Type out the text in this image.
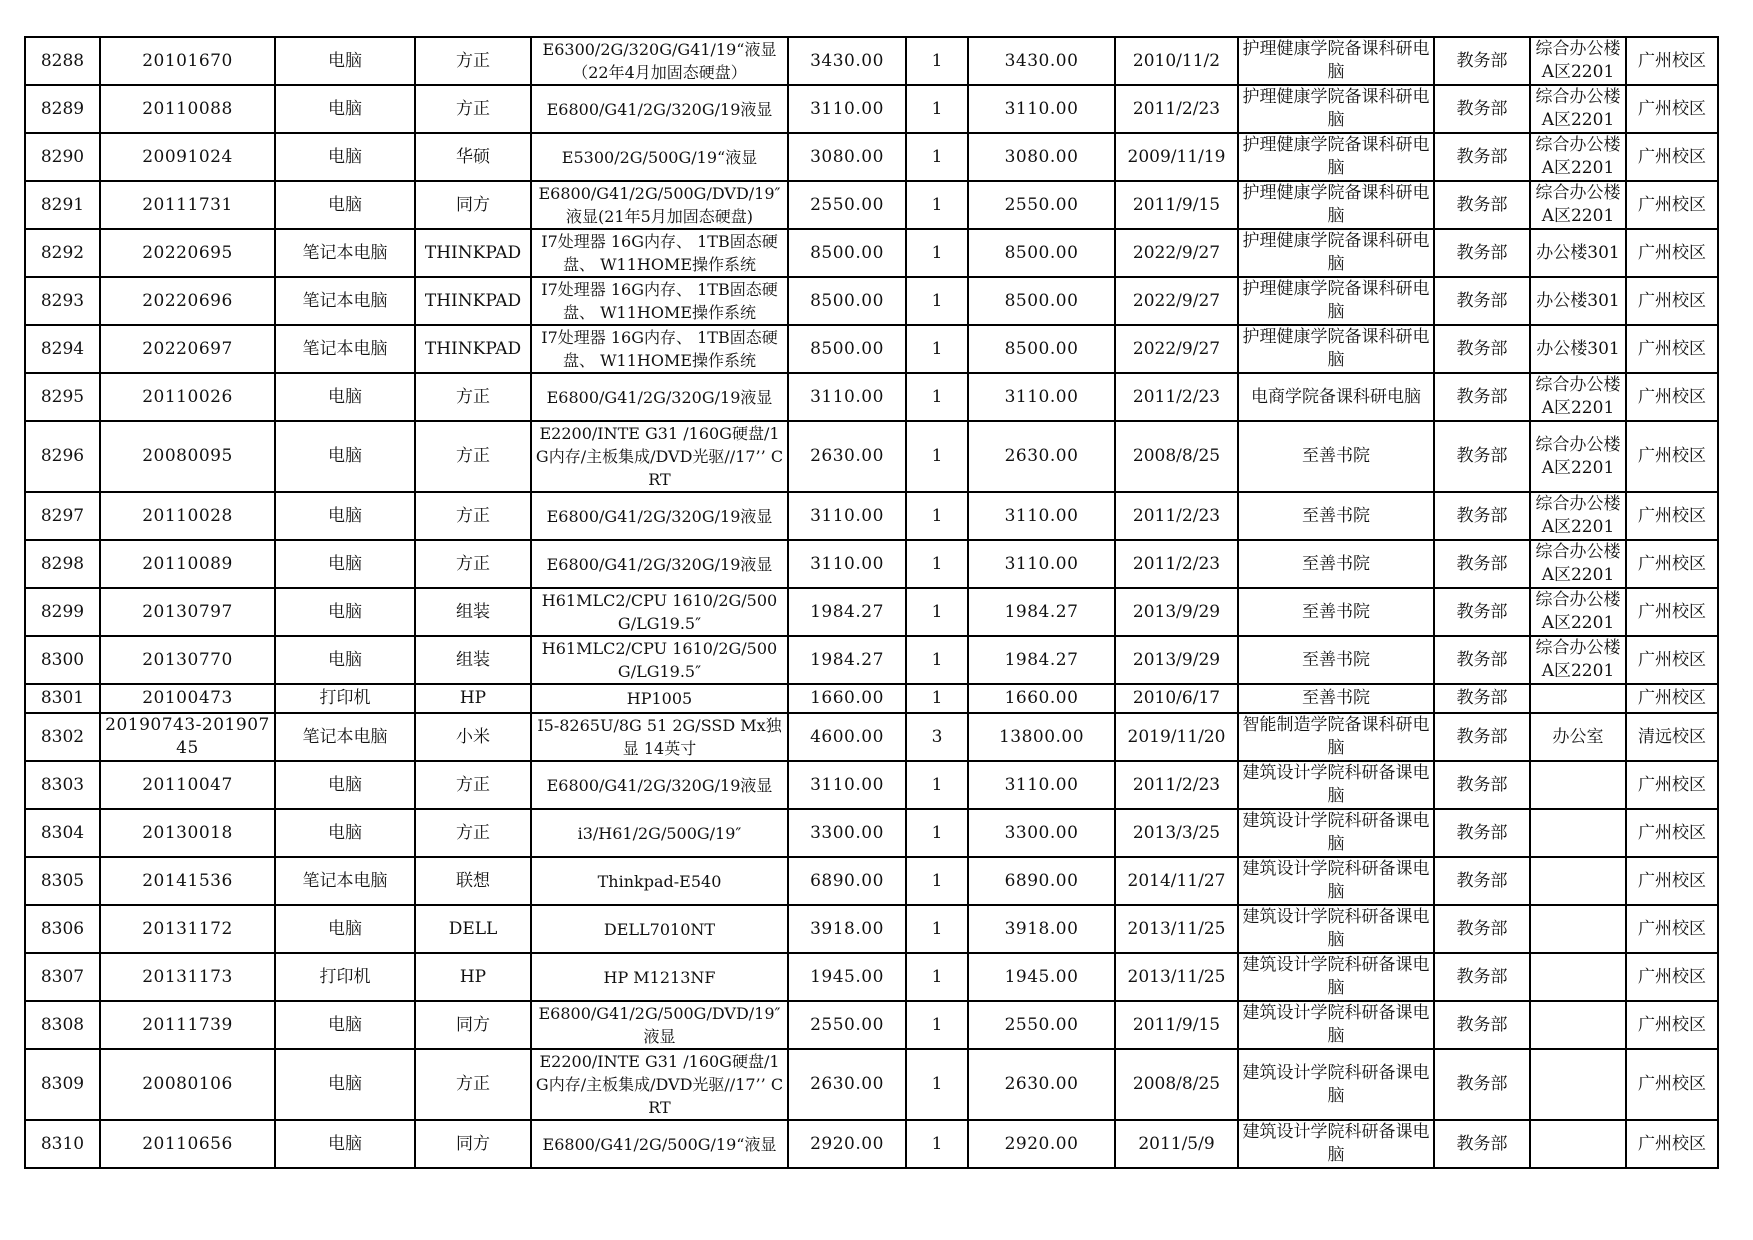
8288	20101670	电脑	方正	E6300/2G/320G/G41/19“液显（22年4月加固态硬盘）	3430.00	1	3430.00	2010/11/2	护理健康学院备课科研电脑	教务部	综合办公楼A区2201	广州校区
8289	20110088	电脑	方正	E6800/G41/2G/320G/19液显	3110.00	1	3110.00	2011/2/23	护理健康学院备课科研电脑	教务部	综合办公楼A区2201	广州校区
8290	20091024	电脑	华硕	E5300/2G/500G/19“液显	3080.00	1	3080.00	2009/11/19	护理健康学院备课科研电脑	教务部	综合办公楼A区2201	广州校区
8291	20111731	电脑	同方	E6800/G41/2G/500G/DVD/19″液显(21年5月加固态硬盘)	2550.00	1	2550.00	2011/9/15	护理健康学院备课科研电脑	教务部	综合办公楼A区2201	广州校区
8292	20220695	笔记本电脑	THINKPAD	I7处理器 16G内存、 1TB固态硬盘、 W11HOME操作系统	8500.00	1	8500.00	2022/9/27	护理健康学院备课科研电脑	教务部	办公楼301	广州校区
8293	20220696	笔记本电脑	THINKPAD	I7处理器 16G内存、 1TB固态硬盘、 W11HOME操作系统	8500.00	1	8500.00	2022/9/27	护理健康学院备课科研电脑	教务部	办公楼301	广州校区
8294	20220697	笔记本电脑	THINKPAD	I7处理器 16G内存、 1TB固态硬盘、 W11HOME操作系统	8500.00	1	8500.00	2022/9/27	护理健康学院备课科研电脑	教务部	办公楼301	广州校区
8295	20110026	电脑	方正	E6800/G41/2G/320G/19液显	3110.00	1	3110.00	2011/2/23	电商学院备课科研电脑	教务部	综合办公楼A区2201	广州校区
8296	20080095	电脑	方正	E2200/INTE G31 /160G硬盘/1G内存/主板集成/DVD光驱//17’’ CRT	2630.00	1	2630.00	2008/8/25	至善书院	教务部	综合办公楼A区2201	广州校区
8297	20110028	电脑	方正	E6800/G41/2G/320G/19液显	3110.00	1	3110.00	2011/2/23	至善书院	教务部	综合办公楼A区2201	广州校区
8298	20110089	电脑	方正	E6800/G41/2G/320G/19液显	3110.00	1	3110.00	2011/2/23	至善书院	教务部	综合办公楼A区2201	广州校区
8299	20130797	电脑	组装	H61MLC2/CPU 1610/2G/500G/LG19.5″	1984.27	1	1984.27	2013/9/29	至善书院	教务部	综合办公楼A区2201	广州校区
8300	20130770	电脑	组装	H61MLC2/CPU 1610/2G/500G/LG19.5″	1984.27	1	1984.27	2013/9/29	至善书院	教务部	综合办公楼A区2201	广州校区
8301	20100473	打印机	HP	HP1005	1660.00	1	1660.00	2010/6/17	至善书院	教务部		广州校区
8302	20190743-20190745	笔记本电脑	小米	I5-8265U/8G 51 2G/SSD Mx独显 14英寸	4600.00	3	13800.00	2019/11/20	智能制造学院备课科研电脑	教务部	办公室	清远校区
8303	20110047	电脑	方正	E6800/G41/2G/320G/19液显	3110.00	1	3110.00	2011/2/23	建筑设计学院科研备课电脑	教务部		广州校区
8304	20130018	电脑	方正	i3/H61/2G/500G/19″	3300.00	1	3300.00	2013/3/25	建筑设计学院科研备课电脑	教务部		广州校区
8305	20141536	笔记本电脑	联想	Thinkpad-E540	6890.00	1	6890.00	2014/11/27	建筑设计学院科研备课电脑	教务部		广州校区
8306	20131172	电脑	DELL	DELL7010NT	3918.00	1	3918.00	2013/11/25	建筑设计学院科研备课电脑	教务部		广州校区
8307	20131173	打印机	HP	HP M1213NF	1945.00	1	1945.00	2013/11/25	建筑设计学院科研备课电脑	教务部		广州校区
8308	20111739	电脑	同方	E6800/G41/2G/500G/DVD/19″液显	2550.00	1	2550.00	2011/9/15	建筑设计学院科研备课电脑	教务部		广州校区
8309	20080106	电脑	方正	E2200/INTE G31 /160G硬盘/1G内存/主板集成/DVD光驱//17’’ CRT	2630.00	1	2630.00	2008/8/25	建筑设计学院科研备课电脑	教务部		广州校区
8310	20110656	电脑	同方	E6800/G41/2G/500G/19“液显	2920.00	1	2920.00	2011/5/9	建筑设计学院科研备课电脑	教务部		广州校区
